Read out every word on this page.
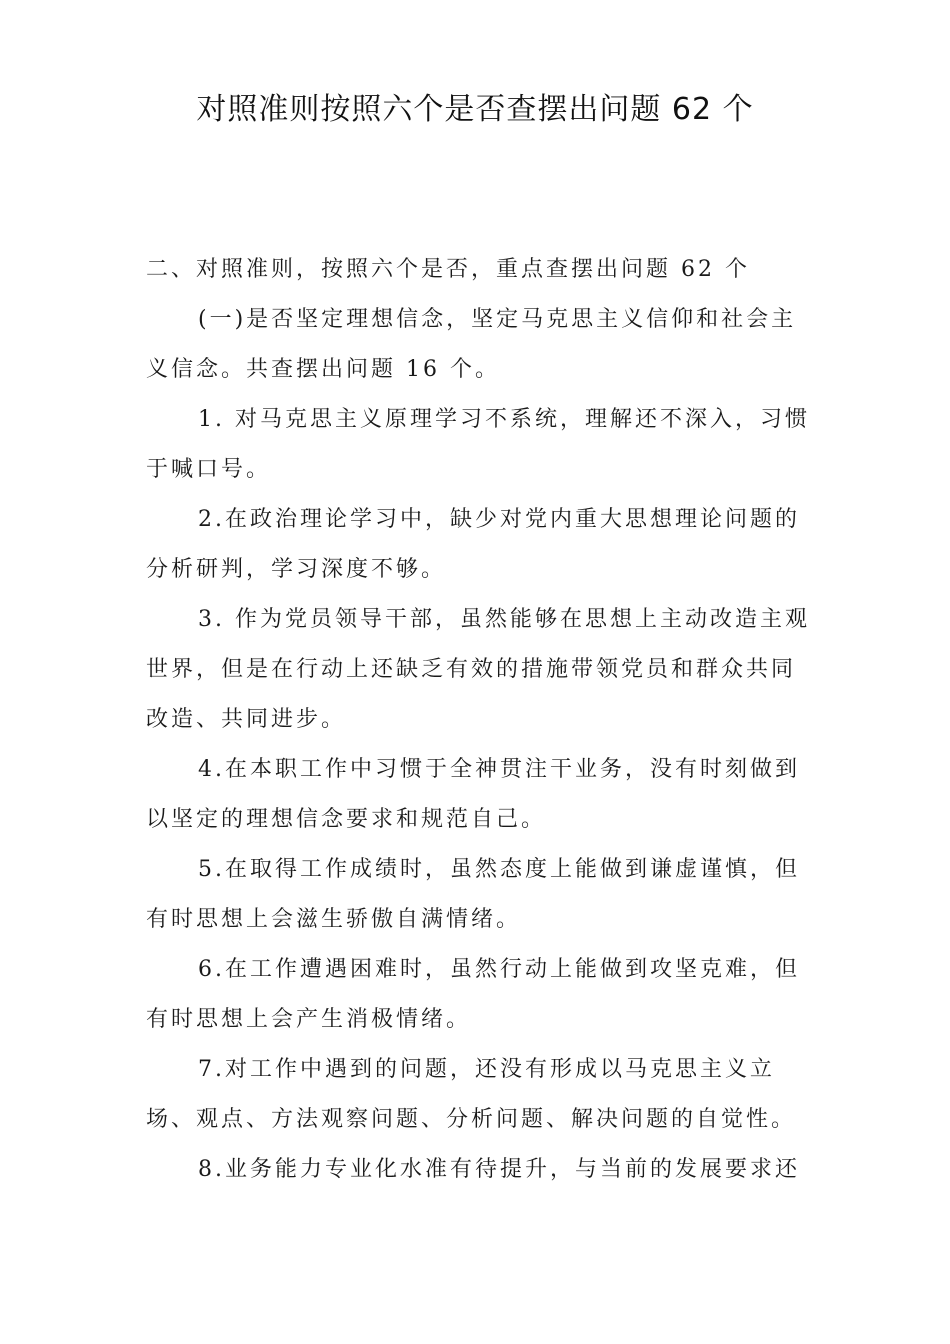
对照准则按照六个是否查摆出问题 62 个

二、对照准则，按照六个是否，重点查摆出问题 62 个

(一)是否坚定理想信念，坚定马克思主义信仰和社会主义信念。共查摆出问题 16 个。

1. 对马克思主义原理学习不系统，理解还不深入，习惯于喊口号。

2.在政治理论学习中，缺少对党内重大思想理论问题的分析研判，学习深度不够。

3. 作为党员领导干部，虽然能够在思想上主动改造主观世界，但是在行动上还缺乏有效的措施带领党员和群众共同改造、共同进步。

4.在本职工作中习惯于全神贯注干业务，没有时刻做到以坚定的理想信念要求和规范自己。

5.在取得工作成绩时，虽然态度上能做到谦虚谨慎，但有时思想上会滋生骄傲自满情绪。

6.在工作遭遇困难时，虽然行动上能做到攻坚克难，但有时思想上会产生消极情绪。

7.对工作中遇到的问题，还没有形成以马克思主义立场、观点、方法观察问题、分析问题、解决问题的自觉性。

8.业务能力专业化水准有待提升，与当前的发展要求还
